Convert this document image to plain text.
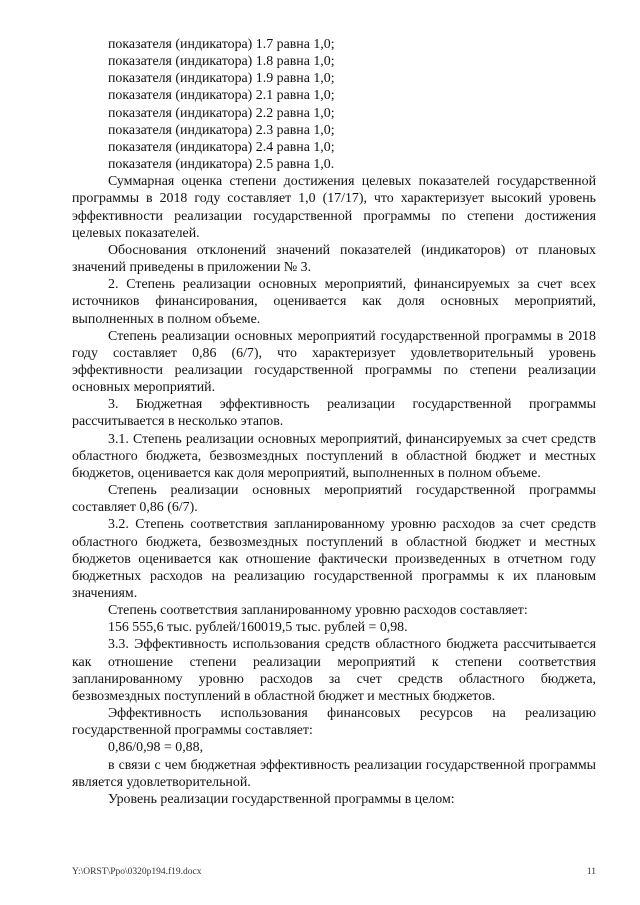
показателя (индикатора) 1.7 равна 1,0;

показателя (индикатора) 1.8 равна 1,0;

показателя (индикатора) 1.9 равна 1,0;

показателя (индикатора) 2.1 равна 1,0;

показателя (индикатора) 2.2 равна 1,0;

показателя (индикатора) 2.3 равна 1,0;

показателя (индикатора) 2.4 равна 1,0;

показателя (индикатора) 2.5 равна 1,0.

Суммарная оценка степени достижения целевых показателей государственной программы в 2018 году составляет 1,0 (17/17), что характеризует высокий уровень эффективности реализации государственной программы по степени достижения целевых показателей.

Обоснования отклонений значений показателей (индикаторов) от плановых значений приведены в приложении № 3.

2. Степень реализации основных мероприятий, финансируемых за счет всех источников финансирования, оценивается как доля основных мероприятий, выполненных в полном объеме.

Степень реализации основных мероприятий государственной программы в 2018 году составляет 0,86 (6/7), что характеризует удовлетворительный уровень эффективности реализации государственной программы по степени реализации основных мероприятий.

3. Бюджетная эффективность реализации государственной программы рассчитывается в несколько этапов.

3.1. Степень реализации основных мероприятий, финансируемых за счет средств областного бюджета, безвозмездных поступлений в областной бюджет и местных бюджетов, оценивается как доля мероприятий, выполненных в полном объеме.

Степень реализации основных мероприятий государственной программы составляет 0,86 (6/7).

3.2. Степень соответствия запланированному уровню расходов за счет средств областного бюджета, безвозмездных поступлений в областной бюджет и местных бюджетов оценивается как отношение фактически произведенных в отчетном году бюджетных расходов на реализацию государственной программы к их плановым значениям.

Степень соответствия запланированному уровню расходов составляет:

156 555,6 тыс. рублей/160019,5 тыс. рублей = 0,98.

3.3. Эффективность использования средств областного бюджета рассчитывается как отношение степени реализации мероприятий к степени соответствия запланированному уровню расходов за счет средств областного бюджета, безвозмездных поступлений в областной бюджет и местных бюджетов.

Эффективность использования финансовых ресурсов на реализацию государственной программы составляет:

0,86/0,98 = 0,88,

в связи с чем бюджетная эффективность реализации государственной программы является удовлетворительной.

Уровень реализации государственной программы в целом:

Y:\ORST\Ppo\0320p194.f19.docx	11
